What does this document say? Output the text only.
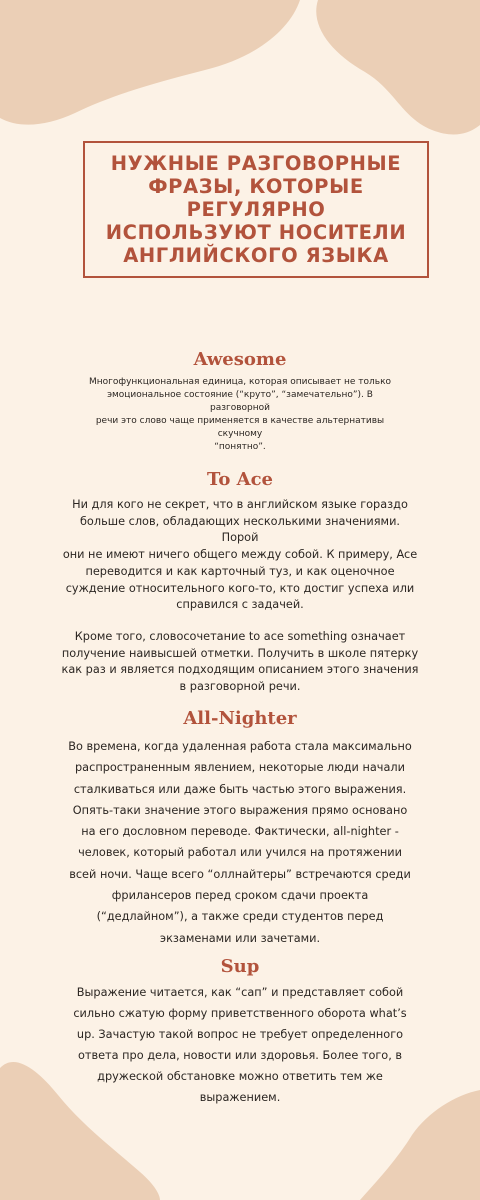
НУЖНЫЕ РАЗГОВОРНЫЕ
ФРАЗЫ, КОТОРЫЕ
РЕГУЛЯРНО
ИСПОЛЬЗУЮТ НОСИТЕЛИ
АНГЛИЙСКОГО ЯЗЫКА
Awesome

Многофункциональная единица, которая описывает не только
эмоциональное состояние (“круто”, “замечательно”). В разговорной
речи это слово чаще применяется в качестве альтернативы скучному
“понятно”.

To Ace

Ни для кого не секрет, что в английском языке гораздо
больше слов, обладающих несколькими значениями. Порой
они не имеют ничего общего между собой. К примеру, Ace
переводится и как карточный туз, и как оценочное
суждение относительного кого-то, кто достиг успеха или
справился с задачей.

Кроме того, словосочетание to ace something означает
получение наивысшей отметки. Получить в школе пятерку
как раз и является подходящим описанием этого значения
в разговорной речи.

All-Nighter

Во времена, когда удаленная работа стала максимально
распространенным явлением, некоторые люди начали
сталкиваться или даже быть частью этого выражения.
Опять-таки значение этого выражения прямо основано
на его дословном переводе. Фактически, all-nighter -
человек, который работал или учился на протяжении
всей ночи. Чаще всего “оллнайтеры” встречаются среди
фрилансеров перед сроком сдачи проекта
(“дедлайном”), а также среди студентов перед
экзаменами или зачетами.

Sup

Выражение читается, как “сап” и представляет собой
сильно сжатую форму приветственного оборота what’s
up. Зачастую такой вопрос не требует определенного
ответа про дела, новости или здоровья. Более того, в
дружеской обстановке можно ответить тем же
выражением.
